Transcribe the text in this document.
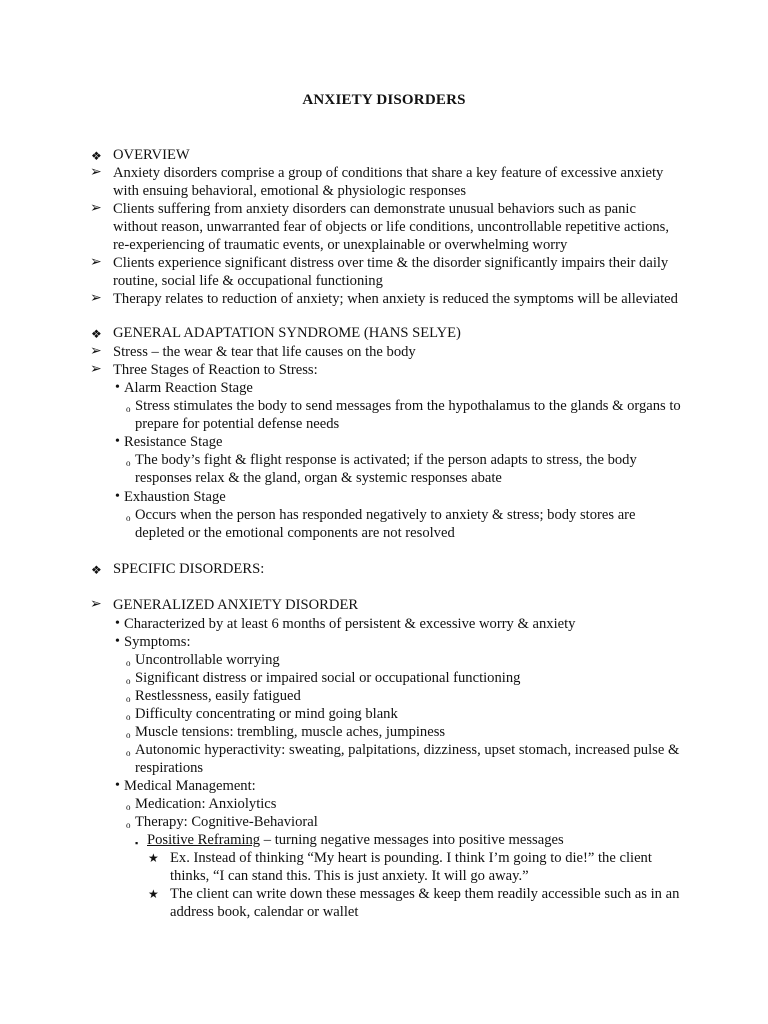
ANXIETY DISORDERS
❖ OVERVIEW
➢ Anxiety disorders comprise a group of conditions that share a key feature of excessive anxiety
with ensuing behavioral, emotional & physiologic responses
➢ Clients suffering from anxiety disorders can demonstrate unusual behaviors such as panic
without reason, unwarranted fear of objects or life conditions, uncontrollable repetitive actions,
re-experiencing of traumatic events, or unexplainable or overwhelming worry
➢ Clients experience significant distress over time & the disorder significantly impairs their daily
routine, social life & occupational functioning
➢ Therapy relates to reduction of anxiety; when anxiety is reduced the symptoms will be alleviated
❖ GENERAL ADAPTATION SYNDROME (HANS SELYE)
➢ Stress – the wear & tear that life causes on the body
➢ Three Stages of Reaction to Stress:
• Alarm Reaction Stage
o Stress stimulates the body to send messages from the hypothalamus to the glands & organs to
prepare for potential defense needs
• Resistance Stage
o The body’s fight & flight response is activated; if the person adapts to stress, the body
responses relax & the gland, organ & systemic responses abate
• Exhaustion Stage
o Occurs when the person has responded negatively to anxiety & stress; body stores are
depleted or the emotional components are not resolved
❖ SPECIFIC DISORDERS:
➢ GENERALIZED ANXIETY DISORDER
• Characterized by at least 6 months of persistent & excessive worry & anxiety
• Symptoms:
o Uncontrollable worrying
o Significant distress or impaired social or occupational functioning
o Restlessness, easily fatigued
o Difficulty concentrating or mind going blank
o Muscle tensions: trembling, muscle aches, jumpiness
o Autonomic hyperactivity: sweating, palpitations, dizziness, upset stomach, increased pulse &
respirations
• Medical Management:
o Medication: Anxiolytics
o Therapy: Cognitive-Behavioral
▪ Positive Reframing – turning negative messages into positive messages
★ Ex. Instead of thinking “My heart is pounding. I think I’m going to die!” the client
thinks, “I can stand this. This is just anxiety. It will go away.”
★ The client can write down these messages & keep them readily accessible such as in an
address book, calendar or wallet
